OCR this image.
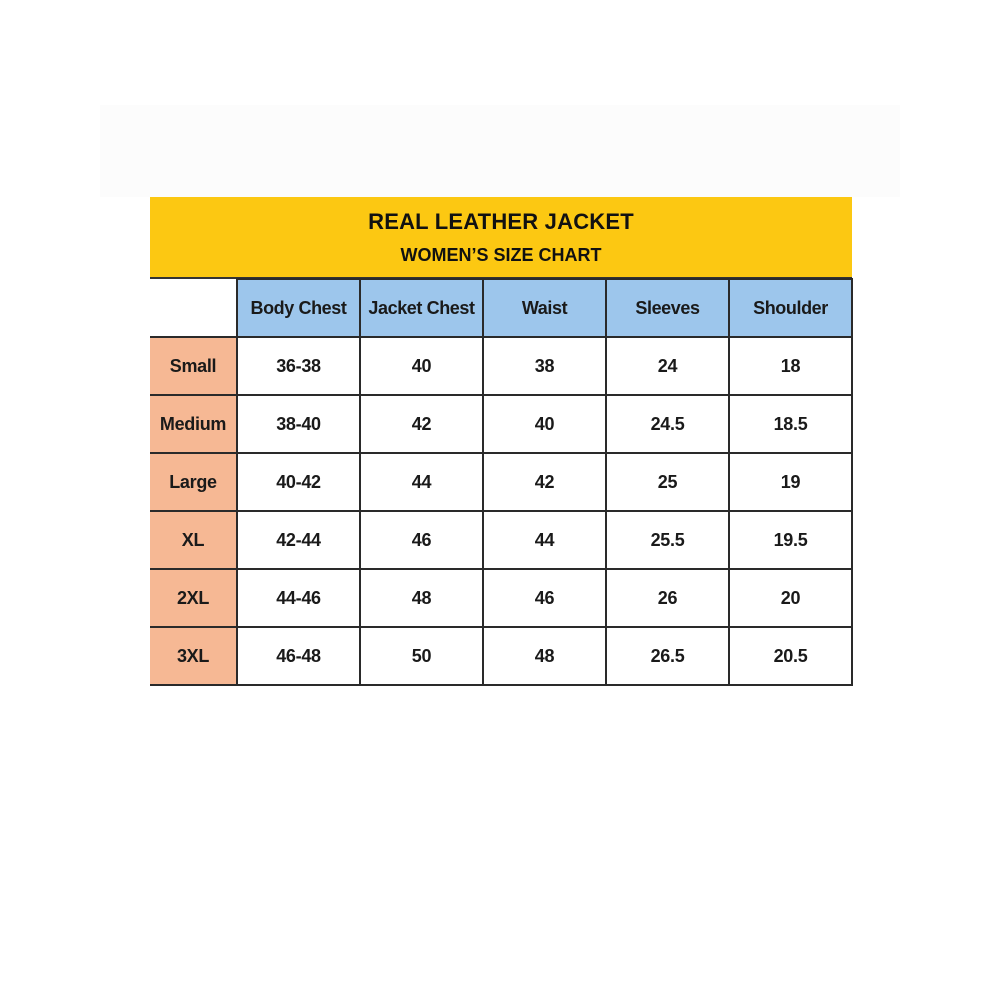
REAL LEATHER JACKET
WOMEN’S SIZE CHART
	Body Chest	Jacket Chest	Waist	Sleeves	Shoulder
Small	36-38	40	38	24	18
Medium	38-40	42	40	24.5	18.5
Large	40-42	44	42	25	19
XL	42-44	46	44	25.5	19.5
2XL	44-46	48	46	26	20
3XL	46-48	50	48	26.5	20.5
